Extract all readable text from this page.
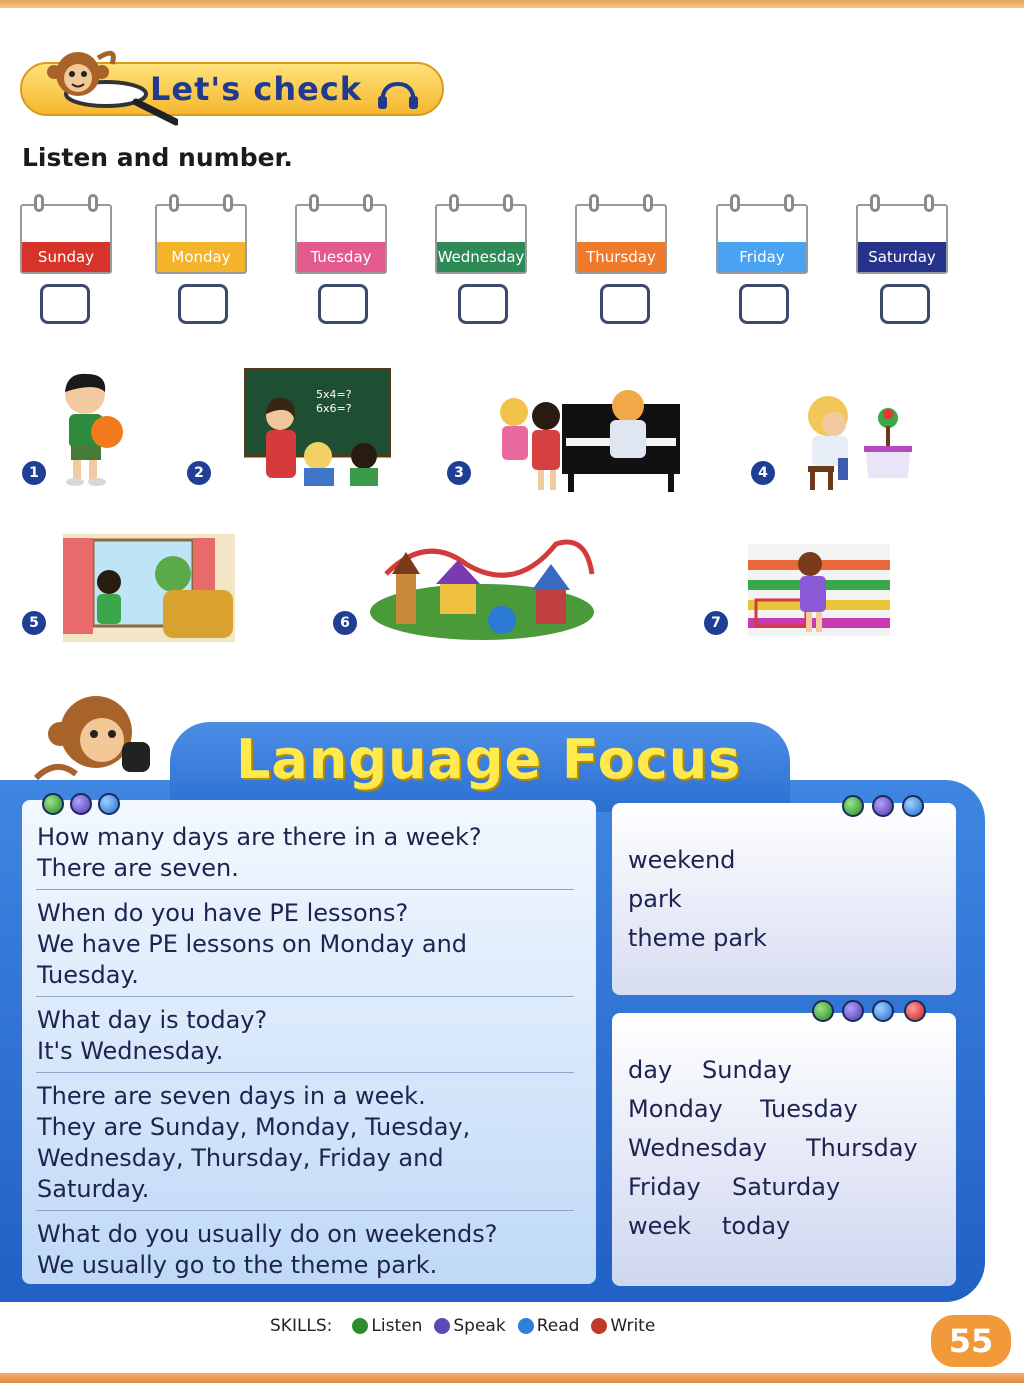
Let's check
Listen and number.
Sunday	Monday	Tuesday	Wednesday	Thursday	Friday	Saturday
1	2
5x4=?
6x6=?
3	4
5	6	7
Language Focus
How many days are there in a week?
There are seven.
When do you have PE lessons?
We have PE lessons on Monday and
Tuesday.
What day is today?
It's Wednesday.
There are seven days in a week.
They are Sunday, Monday, Tuesday,
Wednesday, Thursday, Friday and
Saturday.
What do you usually do on weekends?
We usually go to the theme park.
weekend
park
theme park
day Sunday
Monday Tuesday
Wednesday Thursday
Friday Saturday
week today
SKILLS:	Listen Speak Read Write	55
